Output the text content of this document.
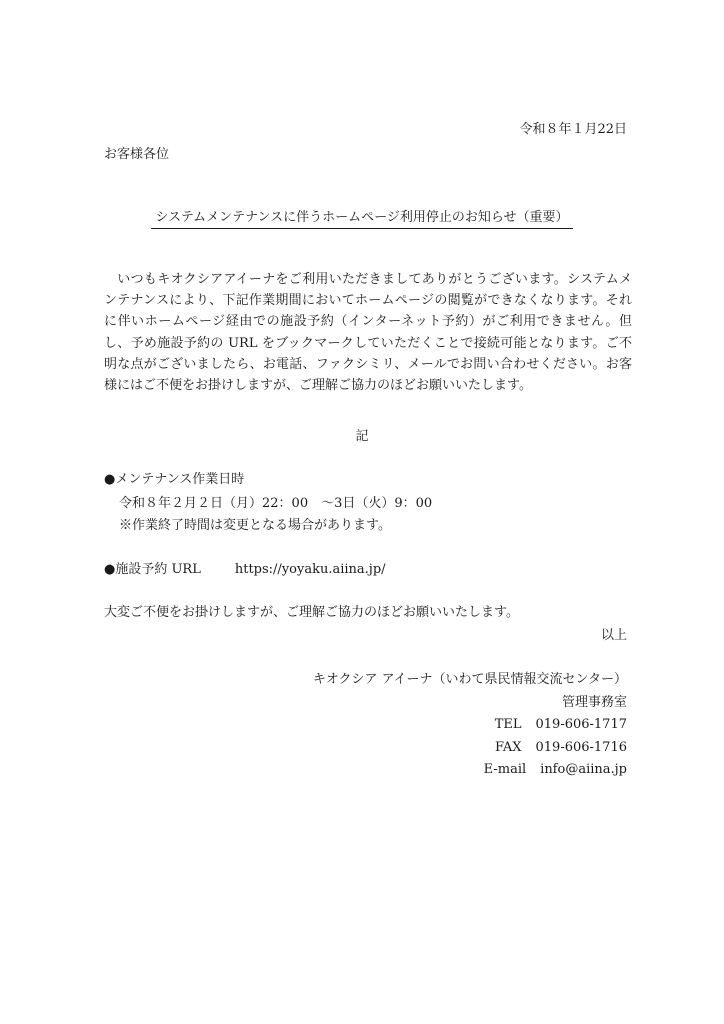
令和８年１月22日
お客様各位
システムメンテナンスに伴うホームページ利用停止のお知らせ（重要）

　いつもキオクシアアイーナをご利用いただきましてありがとうございます。システムメンテナンスにより、下記作業期間においてホームページの閲覧ができなくなります。それに伴いホームページ経由での施設予約（インターネット予約）がご利用できません。但し、予め施設予約の URL をブックマークしていただくことで接続可能となります。ご不明な点がございましたら、お電話、ファクシミリ、メールでお問い合わせください。お客様にはご不便をお掛けしますが、ご理解ご協力のほどお願いいたします。

記
●メンテナンス作業日時
令和８年２月２日（月）22：00　～3日（火）9：00
※作業終了時間は変更となる場合があります。
●施設予約 URL	https://yoyaku.aiina.jp/
大変ご不便をお掛けしますが、ご理解ご協力のほどお願いいたします。
以上
キオクシア アイーナ（いわて県民情報交流センター）
管理事務室
TEL 019-606-1717
FAX 019-606-1716
E-mail info@aiina.jp
